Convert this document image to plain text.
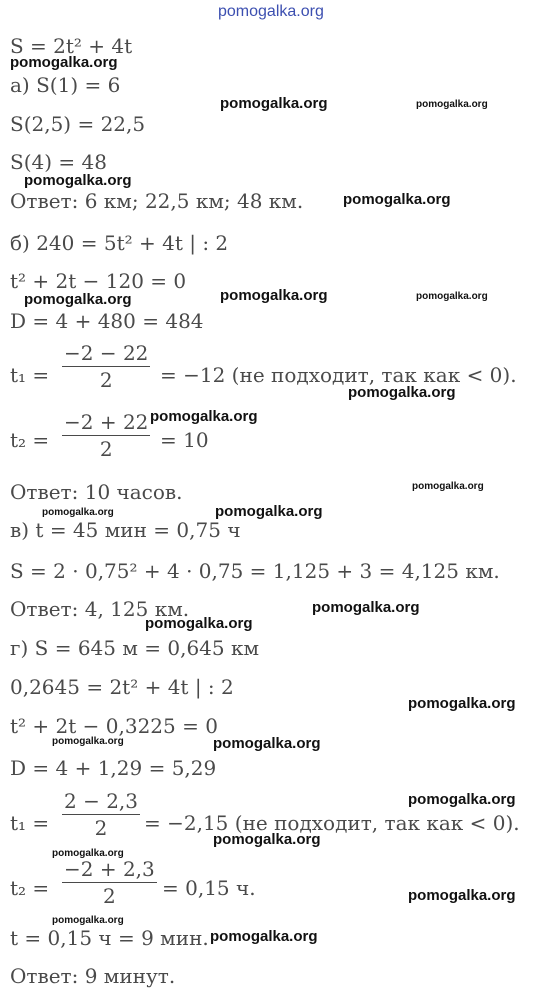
pomogalka.org
S = 2t² + 4t
а) S(1) = 6
S(2,5) = 22,5
S(4) = 48
Ответ: 6 км; 22,5 км; 48 км.
б) 240 = 5t² + 4t | : 2
t² + 2t − 120 = 0
D = 4 + 480 = 484
$t_1 = \frac{-2 - 22}{2} = -12$ (не подходит, так как < 0).
$t_2 = \frac{-2 + 22}{2} = 10$
Ответ: 10 часов.
в) t = 45 мин = 0,75 ч
S = 2 · 0,75² + 4 · 0,75 = 1,125 + 3 = 4,125 км.
Ответ: 4, 125 км.
г) S = 645 м = 0,645 км
0,2645 = 2t² + 4t | : 2
t² + 2t − 0,3225 = 0
D = 4 + 1,29 = 5,29
$t_1 = \frac{2 - 2,3}{2} = -2,15$ (не подходит, так как < 0).
$t_2 = \frac{-2 + 2,3}{2} = 0,15$ ч.
t = 0,15 ч = 9 мин.
Ответ: 9 минут.
pomogalka.org
pomogalka.org	pomogalka.org
pomogalka.org
pomogalka.org
pomogalka.org	pomogalka.org
pomogalka.org
pomogalka.org
pomogalka.org
pomogalka.org
pomogalka.org	pomogalka.org
pomogalka.org
pomogalka.org
pomogalka.org
pomogalka.org	pomogalka.org
pomogalka.org
pomogalka.org
pomogalka.org
pomogalka.org
pomogalka.org
pomogalka.org
